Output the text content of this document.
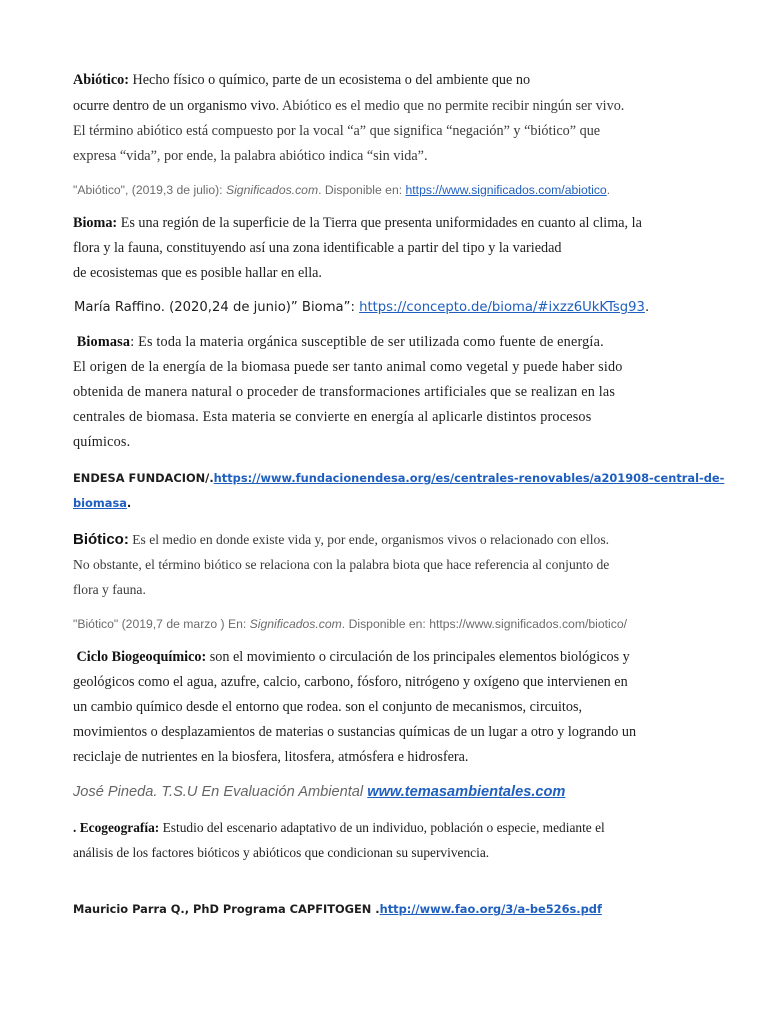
Abiótico: Hecho físico o químico, parte de un ecosistema o del ambiente que no
ocurre dentro de un organismo vivo. Abiótico es el medio que no permite recibir ningún ser vivo.
El término abiótico está compuesto por la vocal “a” que significa “negación” y “biótico” que
expresa “vida”, por ende, la palabra abiótico indica “sin vida”.
"Abiótico", (2019,3 de julio): Significados.com. Disponible en: https://www.significados.com/abiotico.
Bioma: Es una región de la superficie de la Tierra que presenta uniformidades en cuanto al clima, la
flora y la fauna, constituyendo así una zona identificable a partir del tipo y la variedad
de ecosistemas que es posible hallar en ella.
María Raffino. (2020,24 de junio)” Bioma”: https://concepto.de/bioma/#ixzz6UkKTsg93.
Biomasa: Es toda la materia orgánica susceptible de ser utilizada como fuente de energía.
El origen de la energía de la biomasa puede ser tanto animal como vegetal y puede haber sido
obtenida de manera natural o proceder de transformaciones artificiales que se realizan en las
centrales de biomasa. Esta materia se convierte en energía al aplicarle distintos procesos
químicos.
ENDESA FUNDACION/.https://www.fundacionendesa.org/es/centrales-renovables/a201908-central-de-
biomasa.
Biótico: Es el medio en donde existe vida y, por ende, organismos vivos o relacionado con ellos.
No obstante, el término biótico se relaciona con la palabra biota que hace referencia al conjunto de
flora y fauna.
"Biótico" (2019,7 de marzo ) En: Significados.com. Disponible en: https://www.significados.com/biotico/
Ciclo Biogeoquímico: son el movimiento o circulación de los principales elementos biológicos y
geológicos como el agua, azufre, calcio, carbono, fósforo, nitrógeno y oxígeno que intervienen en
un cambio químico desde el entorno que rodea. son el conjunto de mecanismos, circuitos,
movimientos o desplazamientos de materias o sustancias químicas de un lugar a otro y logrando un
reciclaje de nutrientes en la biosfera, litosfera, atmósfera e hidrosfera.
José Pineda. T.S.U En Evaluación Ambiental www.temasambientales.com
. Ecogeografía: Estudio del escenario adaptativo de un individuo, población o especie, mediante el
análisis de los factores bióticos y abióticos que condicionan su supervivencia.
Mauricio Parra Q., PhD Programa CAPFITOGEN .http://www.fao.org/3/a-be526s.pdf
